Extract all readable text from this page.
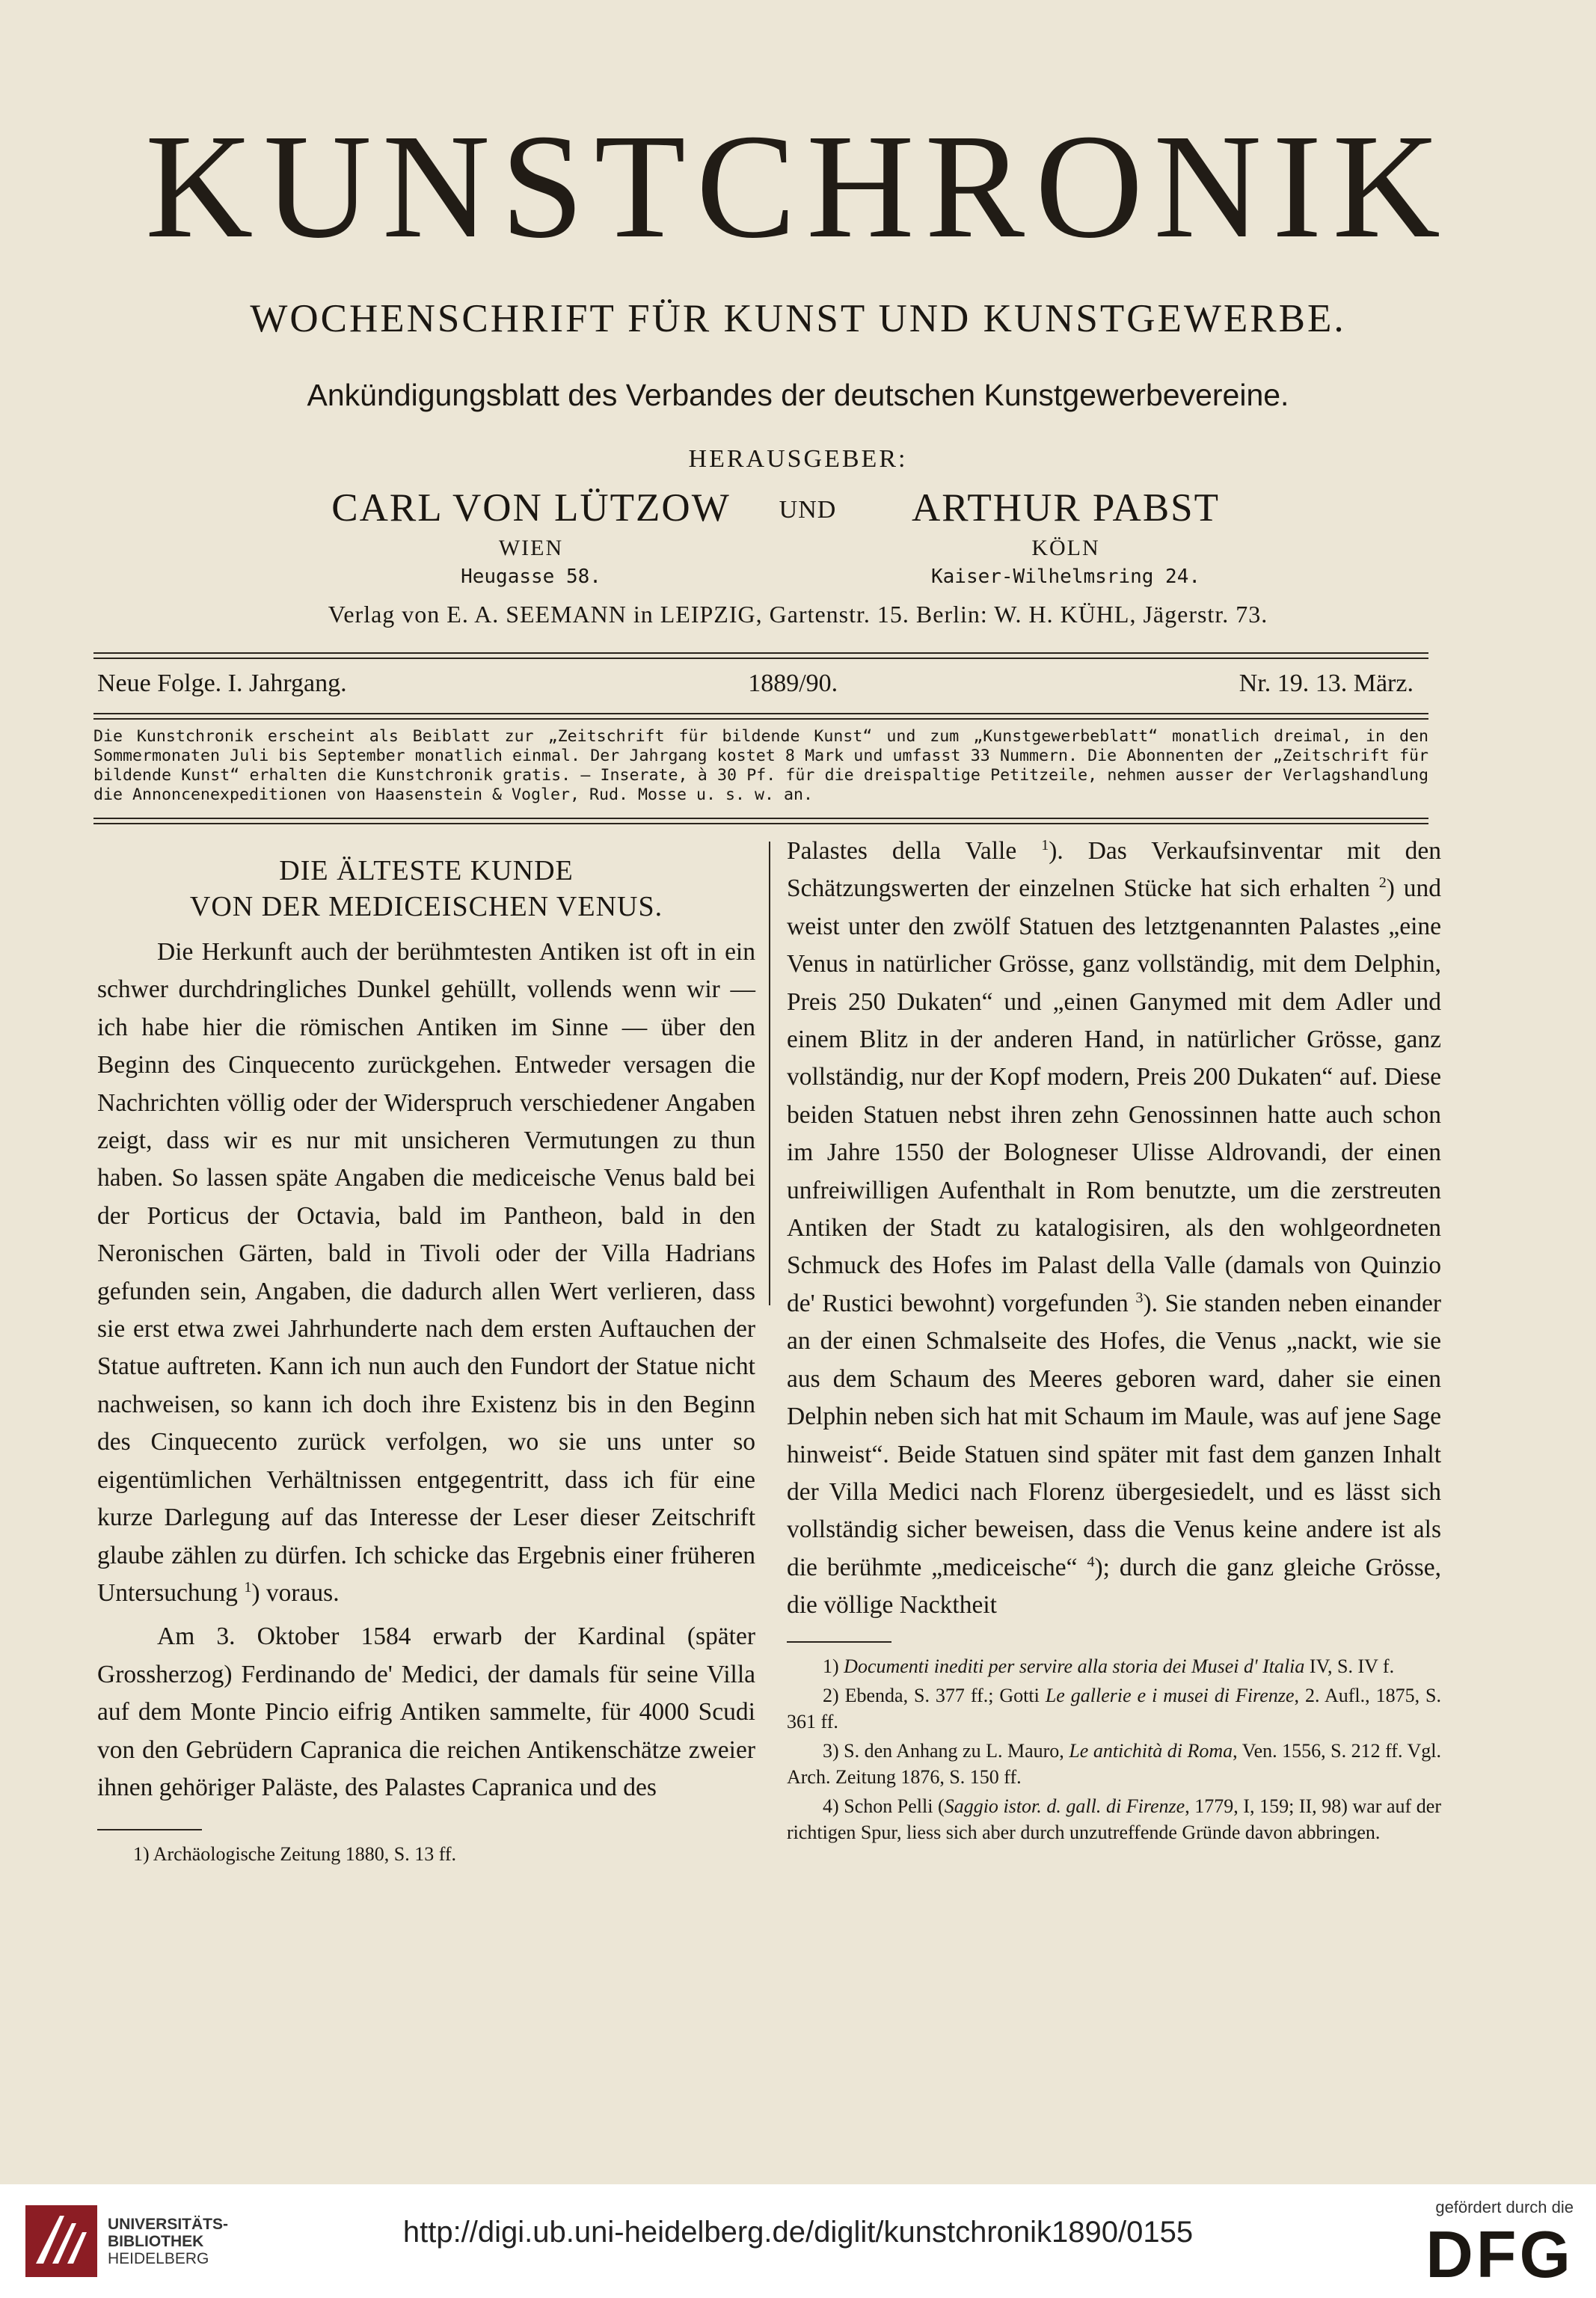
KUNSTCHRONIK
WOCHENSCHRIFT FÜR KUNST UND KUNSTGEWERBE.
Ankündigungsblatt des Verbandes der deutschen Kunstgewerbevereine.
HERAUSGEBER:
CARL VON LÜTZOW
WIEN
Heugasse 58.
UND	ARTHUR PABST
KÖLN
Kaiser-Wilhelmsring 24.
Verlag von E. A. SEEMANN in LEIPZIG, Gartenstr. 15. Berlin: W. H. KÜHL, Jägerstr. 73.
Neue Folge. I. Jahrgang.	1889/90.	Nr. 19. 13. März.
Die Kunstchronik erscheint als Beiblatt zur „Zeitschrift für bildende Kunst“ und zum „Kunstgewerbeblatt“ monatlich dreimal, in den Sommermonaten Juli bis September monatlich einmal. Der Jahrgang kostet 8 Mark und umfasst 33 Nummern. Die Abonnenten der „Zeitschrift für bildende Kunst“ erhalten die Kunstchronik gratis. — Inserate, à 30 Pf. für die dreispaltige Petitzeile, nehmen ausser der Verlagshandlung die Annoncenexpeditionen von Haasenstein & Vogler, Rud. Mosse u. s. w. an.
DIE ÄLTESTE KUNDE
VON DER MEDICEISCHEN VENUS.

Die Herkunft auch der berühmtesten Antiken ist oft in ein schwer durchdringliches Dunkel gehüllt, vollends wenn wir — ich habe hier die römischen Antiken im Sinne — über den Beginn des Cinquecento zurückgehen. Entweder versagen die Nachrichten völlig oder der Widerspruch verschiedener Angaben zeigt, dass wir es nur mit unsicheren Vermutungen zu thun haben. So lassen späte Angaben die mediceische Venus bald bei der Porticus der Octavia, bald im Pantheon, bald in den Neronischen Gärten, bald in Tivoli oder der Villa Hadrians gefunden sein, Angaben, die dadurch allen Wert verlieren, dass sie erst etwa zwei Jahrhunderte nach dem ersten Auftauchen der Statue auftreten. Kann ich nun auch den Fundort der Statue nicht nachweisen, so kann ich doch ihre Existenz bis in den Beginn des Cinquecento zurück verfolgen, wo sie uns unter so eigentümlichen Verhältnissen entgegentritt, dass ich für eine kurze Darlegung auf das Interesse der Leser dieser Zeitschrift glaube zählen zu dürfen. Ich schicke das Ergebnis einer früheren Untersuchung $^1$) voraus.

Am 3. Oktober 1584 erwarb der Kardinal (später Grossherzog) Ferdinando de' Medici, der damals für seine Villa auf dem Monte Pincio eifrig Antiken sammelte, für 4000 Scudi von den Gebrüdern Capranica die reichen Antikenschätze zweier ihnen gehöriger Paläste, des Palastes Capranica und des

1) Archäologische Zeitung 1880, S. 13 ff.

Palastes della Valle $^1$). Das Verkaufsinventar mit den Schätzungswerten der einzelnen Stücke hat sich erhalten $^2$) und weist unter den zwölf Statuen des letztgenannten Palastes „eine Venus in natürlicher Grösse, ganz vollständig, mit dem Delphin, Preis 250 Dukaten“ und „einen Ganymed mit dem Adler und einem Blitz in der anderen Hand, in natürlicher Grösse, ganz vollständig, nur der Kopf modern, Preis 200 Dukaten“ auf. Diese beiden Statuen nebst ihren zehn Genossinnen hatte auch schon im Jahre 1550 der Bologneser Ulisse Aldrovandi, der einen unfreiwilligen Aufenthalt in Rom benutzte, um die zerstreuten Antiken der Stadt zu katalogisiren, als den wohlgeordneten Schmuck des Hofes im Palast della Valle (damals von Quinzio de' Rustici bewohnt) vorgefunden $^3$). Sie standen neben einander an der einen Schmalseite des Hofes, die Venus „nackt, wie sie aus dem Schaum des Meeres geboren ward, daher sie einen Delphin neben sich hat mit Schaum im Maule, was auf jene Sage hinweist“. Beide Statuen sind später mit fast dem ganzen Inhalt der Villa Medici nach Florenz übergesiedelt, und es lässt sich vollständig sicher beweisen, dass die Venus keine andere ist als die berühmte „mediceische“ $^4$); durch die ganz gleiche Grösse, die völlige Nacktheit

1) Documenti inediti per servire alla storia dei Musei d' Italia IV, S. IV f.

2) Ebenda, S. 377 ff.; Gotti Le gallerie e i musei di Firenze, 2. Aufl., 1875, S. 361 ff.

3) S. den Anhang zu L. Mauro, Le antichità di Roma, Ven. 1556, S. 212 ff. Vgl. Arch. Zeitung 1876, S. 150 ff.

4) Schon Pelli (Saggio istor. d. gall. di Firenze, 1779, I, 159; II, 98) war auf der richtigen Spur, liess sich aber durch unzutreffende Gründe davon abbringen.

UNIVERSITÄTS-
BIBLIOTHEK
HEIDELBERG
http://digi.ub.uni-heidelberg.de/diglit/kunstchronik1890/0155
gefördert durch die
DFG
